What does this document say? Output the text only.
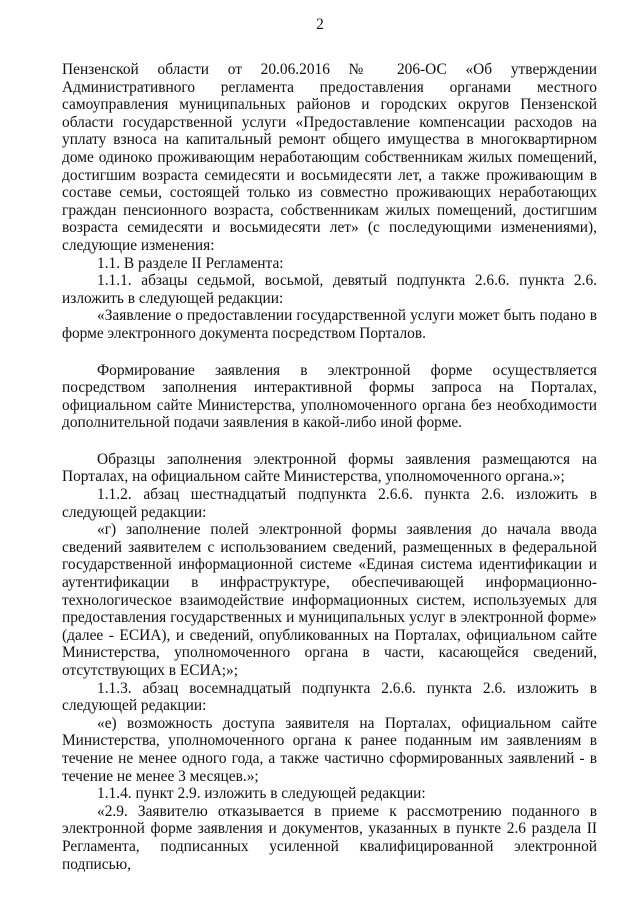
2

Пензенской области от 20.06.2016 № 206-ОС «Об утверждении Административного регламента предоставления органами местного самоуправления муниципальных районов и городских округов Пензенской области государственной услуги «Предоставление компенсации расходов на уплату взноса на капитальный ремонт общего имущества в многоквартирном доме одиноко проживающим неработающим собственникам жилых помещений, достигшим возраста семидесяти и восьмидесяти лет, а также проживающим в составе семьи, состоящей только из совместно проживающих неработающих граждан пенсионного возраста, собственникам жилых помещений, достигшим возраста семидесяти и восьмидесяти лет» (с последующими изменениями), следующие изменения:

1.1. В разделе II Регламента:

1.1.1. абзацы седьмой, восьмой, девятый подпункта 2.6.6. пункта 2.6. изложить в следующей редакции:

«Заявление о предоставлении государственной услуги может быть подано в форме электронного документа посредством Порталов.

Формирование заявления в электронной форме осуществляется посредством заполнения интерактивной формы запроса на Порталах, официальном сайте Министерства, уполномоченного органа без необходимости дополнительной подачи заявления в какой-либо иной форме.

Образцы заполнения электронной формы заявления размещаются на Порталах, на официальном сайте Министерства, уполномоченного органа.»;

1.1.2. абзац шестнадцатый подпункта 2.6.6. пункта 2.6. изложить в следующей редакции:

«г) заполнение полей электронной формы заявления до начала ввода сведений заявителем с использованием сведений, размещенных в федеральной государственной информационной системе «Единая система идентификации и аутентификации в инфраструктуре, обеспечивающей информационно-технологическое взаимодействие информационных систем, используемых для предоставления государственных и муниципальных услуг в электронной форме» (далее - ЕСИА), и сведений, опубликованных на Порталах, официальном сайте Министерства, уполномоченного органа в части, касающейся сведений, отсутствующих в ЕСИА;»;

1.1.3. абзац восемнадцатый подпункта 2.6.6. пункта 2.6. изложить в следующей редакции:

«е) возможность доступа заявителя на Порталах, официальном сайте Министерства, уполномоченного органа к ранее поданным им заявлениям в течение не менее одного года, а также частично сформированных заявлений - в течение не менее 3 месяцев.»;

1.1.4. пункт 2.9. изложить в следующей редакции:

«2.9. Заявителю отказывается в приеме к рассмотрению поданного в электронной форме заявления и документов, указанных в пункте 2.6 раздела II Регламента, подписанных усиленной квалифицированной электронной подписью,
